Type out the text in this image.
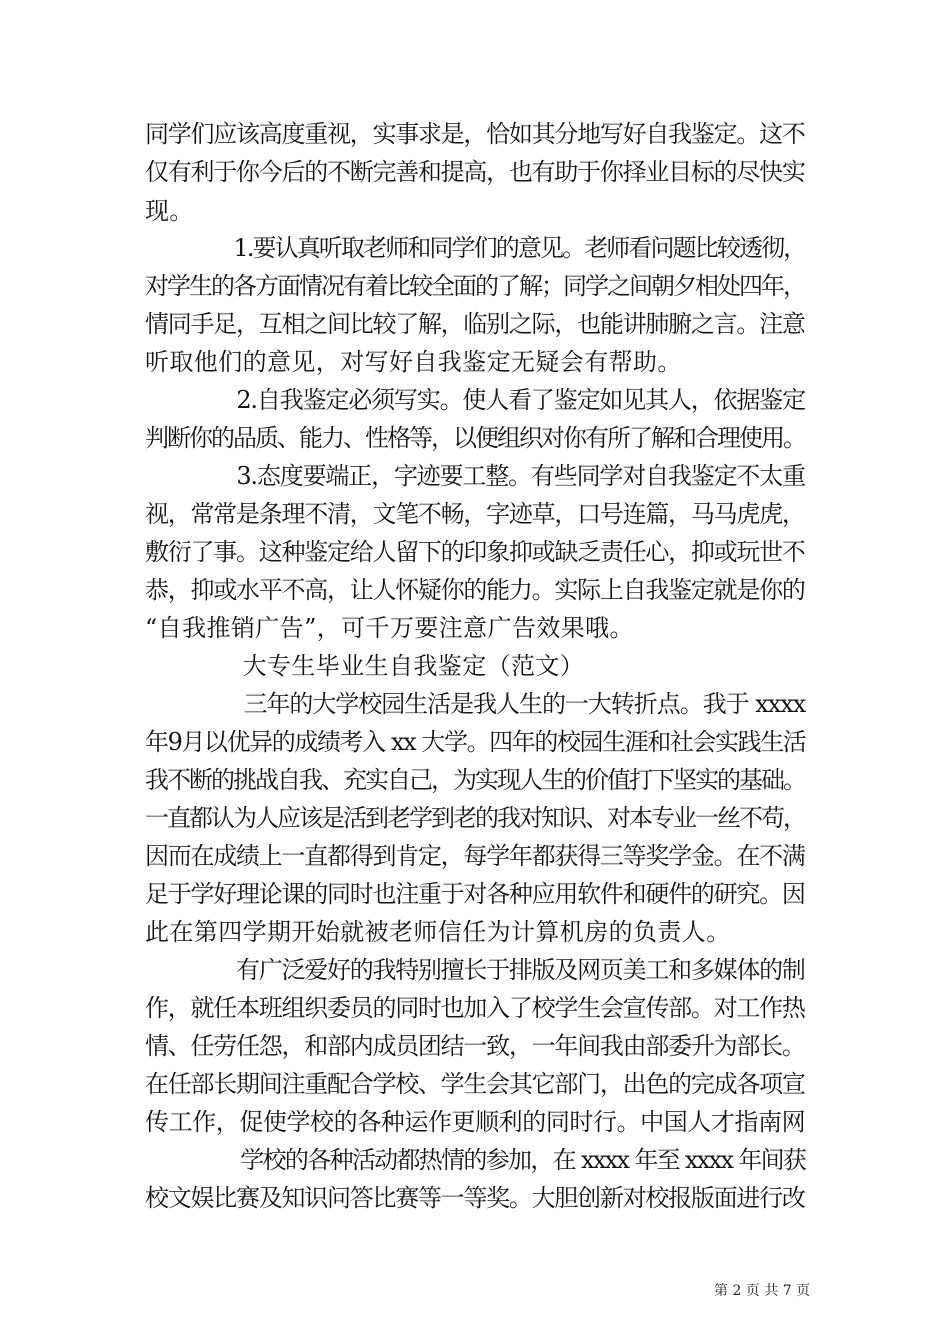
同学们应该高度重视，实事求是，恰如其分地写好自我鉴定。这不
仅有利于你今后的不断完善和提高，也有助于你择业目标的尽快实
现。
　　　　1.要认真听取老师和同学们的意见。老师看问题比较透彻，
对学生的各方面情况有着比较全面的了解；同学之间朝夕相处四年，
情同手足，互相之间比较了解，临别之际，也能讲肺腑之言。注意
听取他们的意见，对写好自我鉴定无疑会有帮助。
　　　　2.自我鉴定必须写实。使人看了鉴定如见其人，依据鉴定
判断你的品质、能力、性格等，以便组织对你有所了解和合理使用。
　　　　3.态度要端正，字迹要工整。有些同学对自我鉴定不太重
视，常常是条理不清，文笔不畅，字迹草，口号连篇，马马虎虎，
敷衍了事。这种鉴定给人留下的印象抑或缺乏责任心，抑或玩世不
恭，抑或水平不高，让人怀疑你的能力。实际上自我鉴定就是你的
“自我推销广告”，可千万要注意广告效果哦。
　　　　大专生毕业生自我鉴定（范文）
　　　　 三年的大学校园生活是我人生的一大转折点。我于 xxxx
年9月以优异的成绩考入 xx 大学。四年的校园生涯和社会实践生活
我不断的挑战自我、充实自己，为实现人生的价值打下坚实的基础。
一直都认为人应该是活到老学到老的我对知识、对本专业一丝不苟，
因而在成绩上一直都得到肯定，每学年都获得三等奖学金。在不满
足于学好理论课的同时也注重于对各种应用软件和硬件的研究。因
此在第四学期开始就被老师信任为计算机房的负责人。
　　　　有广泛爱好的我特别擅长于排版及网页美工和多媒体的制
作，就任本班组织委员的同时也加入了校学生会宣传部。对工作热
情、任劳任怨，和部内成员团结一致，一年间我由部委升为部长。
在任部长期间注重配合学校、学生会其它部门，出色的完成各项宣
传工作，促使学校的各种运作更顺利的同时行。中国人才指南网
　　　　 学校的各种活动都热情的参加，在 xxxx 年至 xxxx 年间获
校文娱比赛及知识问答比赛等一等奖。大胆创新对校报版面进行改
第 2 页 共 7 页
